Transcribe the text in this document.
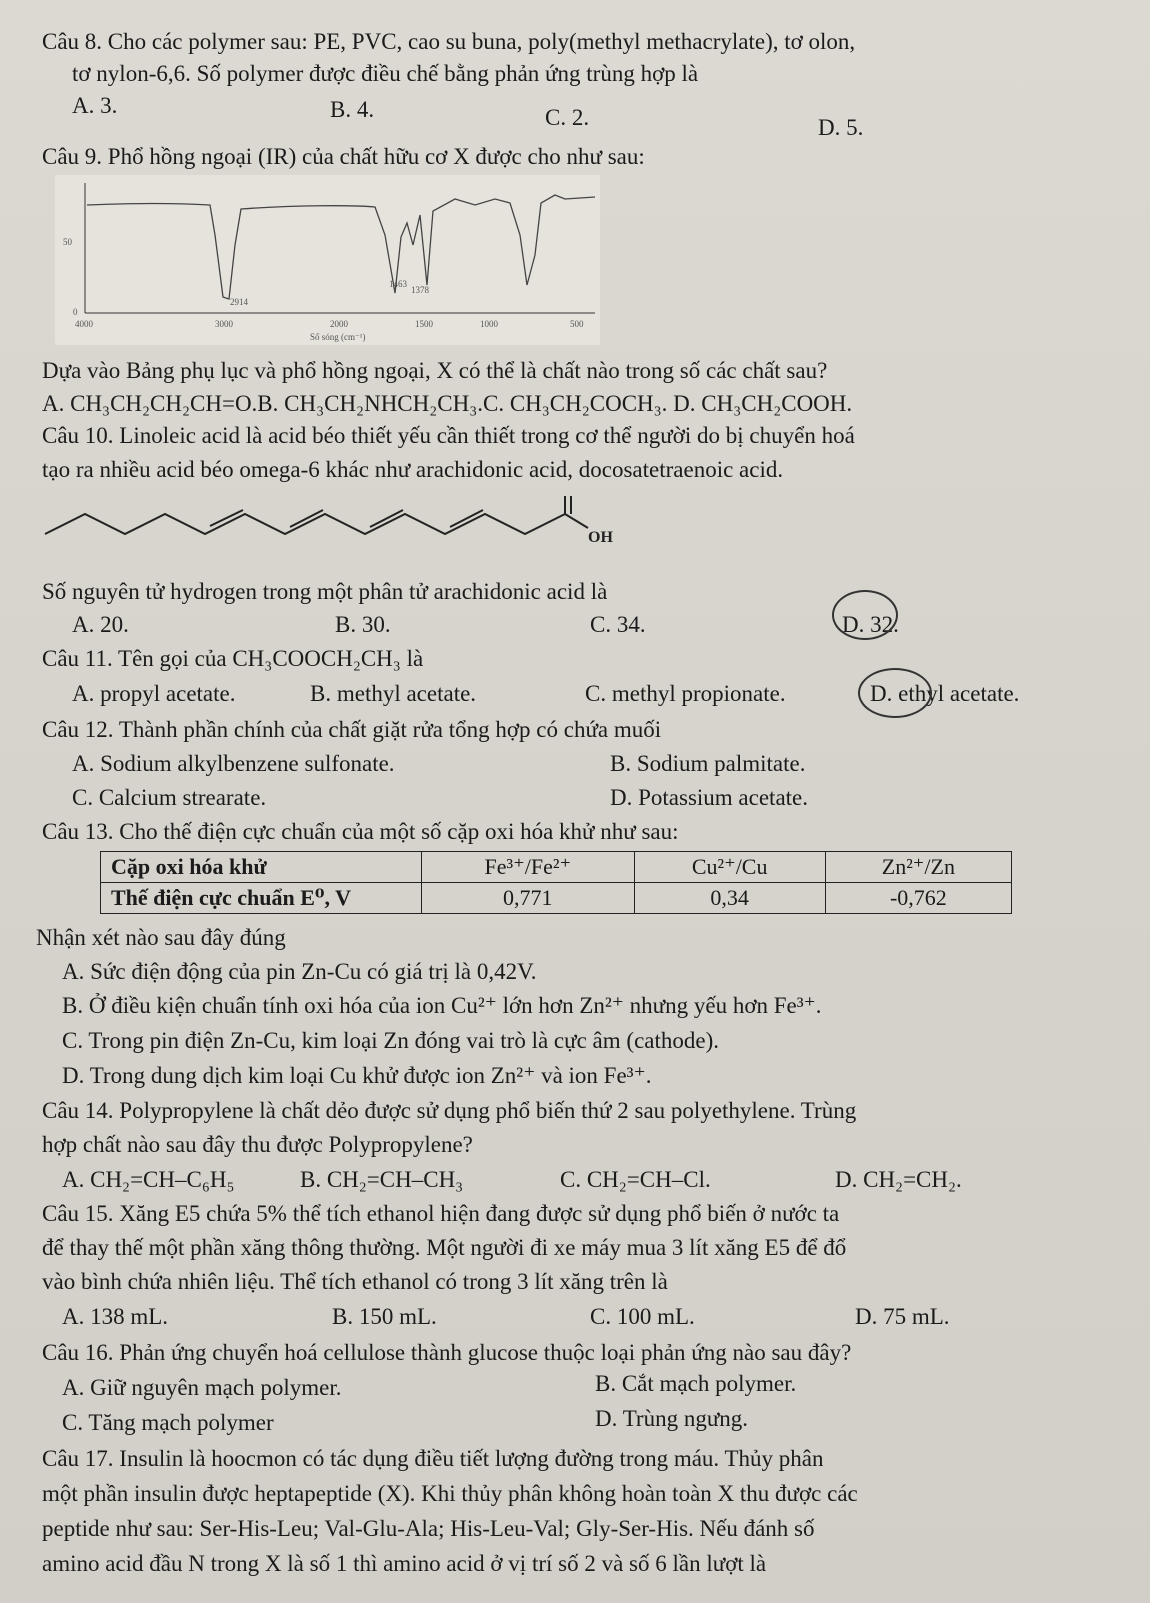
Câu 8. Cho các polymer sau: PE, PVC, cao su buna, poly(methyl methacrylate), tơ olon,
tơ nylon-6,6. Số polymer được điều chế bằng phản ứng trùng hợp là
A. 3.	B. 4.	C. 2.	D. 5.
Câu 9. Phổ hồng ngoại (IR) của chất hữu cơ X được cho như sau:
50
0
2914
1463
1378
4000	3000	2000	1500	1000	500
Số sóng (cm⁻¹)
Dựa vào Bảng phụ lục và phổ hồng ngoại, X có thể là chất nào trong số các chất sau?
A. CH₃CH₂CH₂CH=O.B. CH₃CH₂NHCH₂CH₃.C. CH₃CH₂COCH₃. D. CH₃CH₂COOH.
Câu 10. Linoleic acid là acid béo thiết yếu cần thiết trong cơ thể người do bị chuyển hoá
tạo ra nhiều acid béo omega-6 khác như arachidonic acid, docosatetraenoic acid.
OH
Số nguyên tử hydrogen trong một phân tử arachidonic acid là
A. 20.	B. 30.	C. 34.	D. 32.
Câu 11. Tên gọi của CH₃COOCH₂CH₃ là
A. propyl acetate.	B. methyl acetate.	C. methyl propionate.	D. ethyl acetate.
Câu 12. Thành phần chính của chất giặt rửa tổng hợp có chứa muối
A. Sodium alkylbenzene sulfonate.	B. Sodium palmitate.
C. Calcium strearate.	D. Potassium acetate.
Câu 13. Cho thế điện cực chuẩn của một số cặp oxi hóa khử như sau:
Cặp oxi hóa khử	Fe³⁺/Fe²⁺	Cu²⁺/Cu	Zn²⁺/Zn
Thế điện cực chuẩn E⁰, V	0,771	0,34	-0,762
Nhận xét nào sau đây đúng
A. Sức điện động của pin Zn-Cu có giá trị là 0,42V.
B. Ở điều kiện chuẩn tính oxi hóa của ion Cu²⁺ lớn hơn Zn²⁺ nhưng yếu hơn Fe³⁺.
C. Trong pin điện Zn-Cu, kim loại Zn đóng vai trò là cực âm (cathode).
D. Trong dung dịch kim loại Cu khử được ion Zn²⁺ và ion Fe³⁺.
Câu 14. Polypropylene là chất dẻo được sử dụng phổ biến thứ 2 sau polyethylene. Trùng
hợp chất nào sau đây thu được Polypropylene?
A. CH₂=CH–C₆H₅	B. CH₂=CH–CH₃	C. CH₂=CH–Cl.	D. CH₂=CH₂.
Câu 15. Xăng E5 chứa 5% thể tích ethanol hiện đang được sử dụng phổ biến ở nước ta
để thay thế một phần xăng thông thường. Một người đi xe máy mua 3 lít xăng E5 để đổ
vào bình chứa nhiên liệu. Thể tích ethanol có trong 3 lít xăng trên là
A. 138 mL.	B. 150 mL.	C. 100 mL.	D. 75 mL.
Câu 16. Phản ứng chuyển hoá cellulose thành glucose thuộc loại phản ứng nào sau đây?
A. Giữ nguyên mạch polymer.	B. Cắt mạch polymer.
C. Tăng mạch polymer	D. Trùng ngưng.
Câu 17. Insulin là hoocmon có tác dụng điều tiết lượng đường trong máu. Thủy phân
một phần insulin được heptapeptide (X). Khi thủy phân không hoàn toàn X thu được các
peptide như sau: Ser-His-Leu; Val-Glu-Ala; His-Leu-Val; Gly-Ser-His. Nếu đánh số
amino acid đầu N trong X là số 1 thì amino acid ở vị trí số 2 và số 6 lần lượt là
